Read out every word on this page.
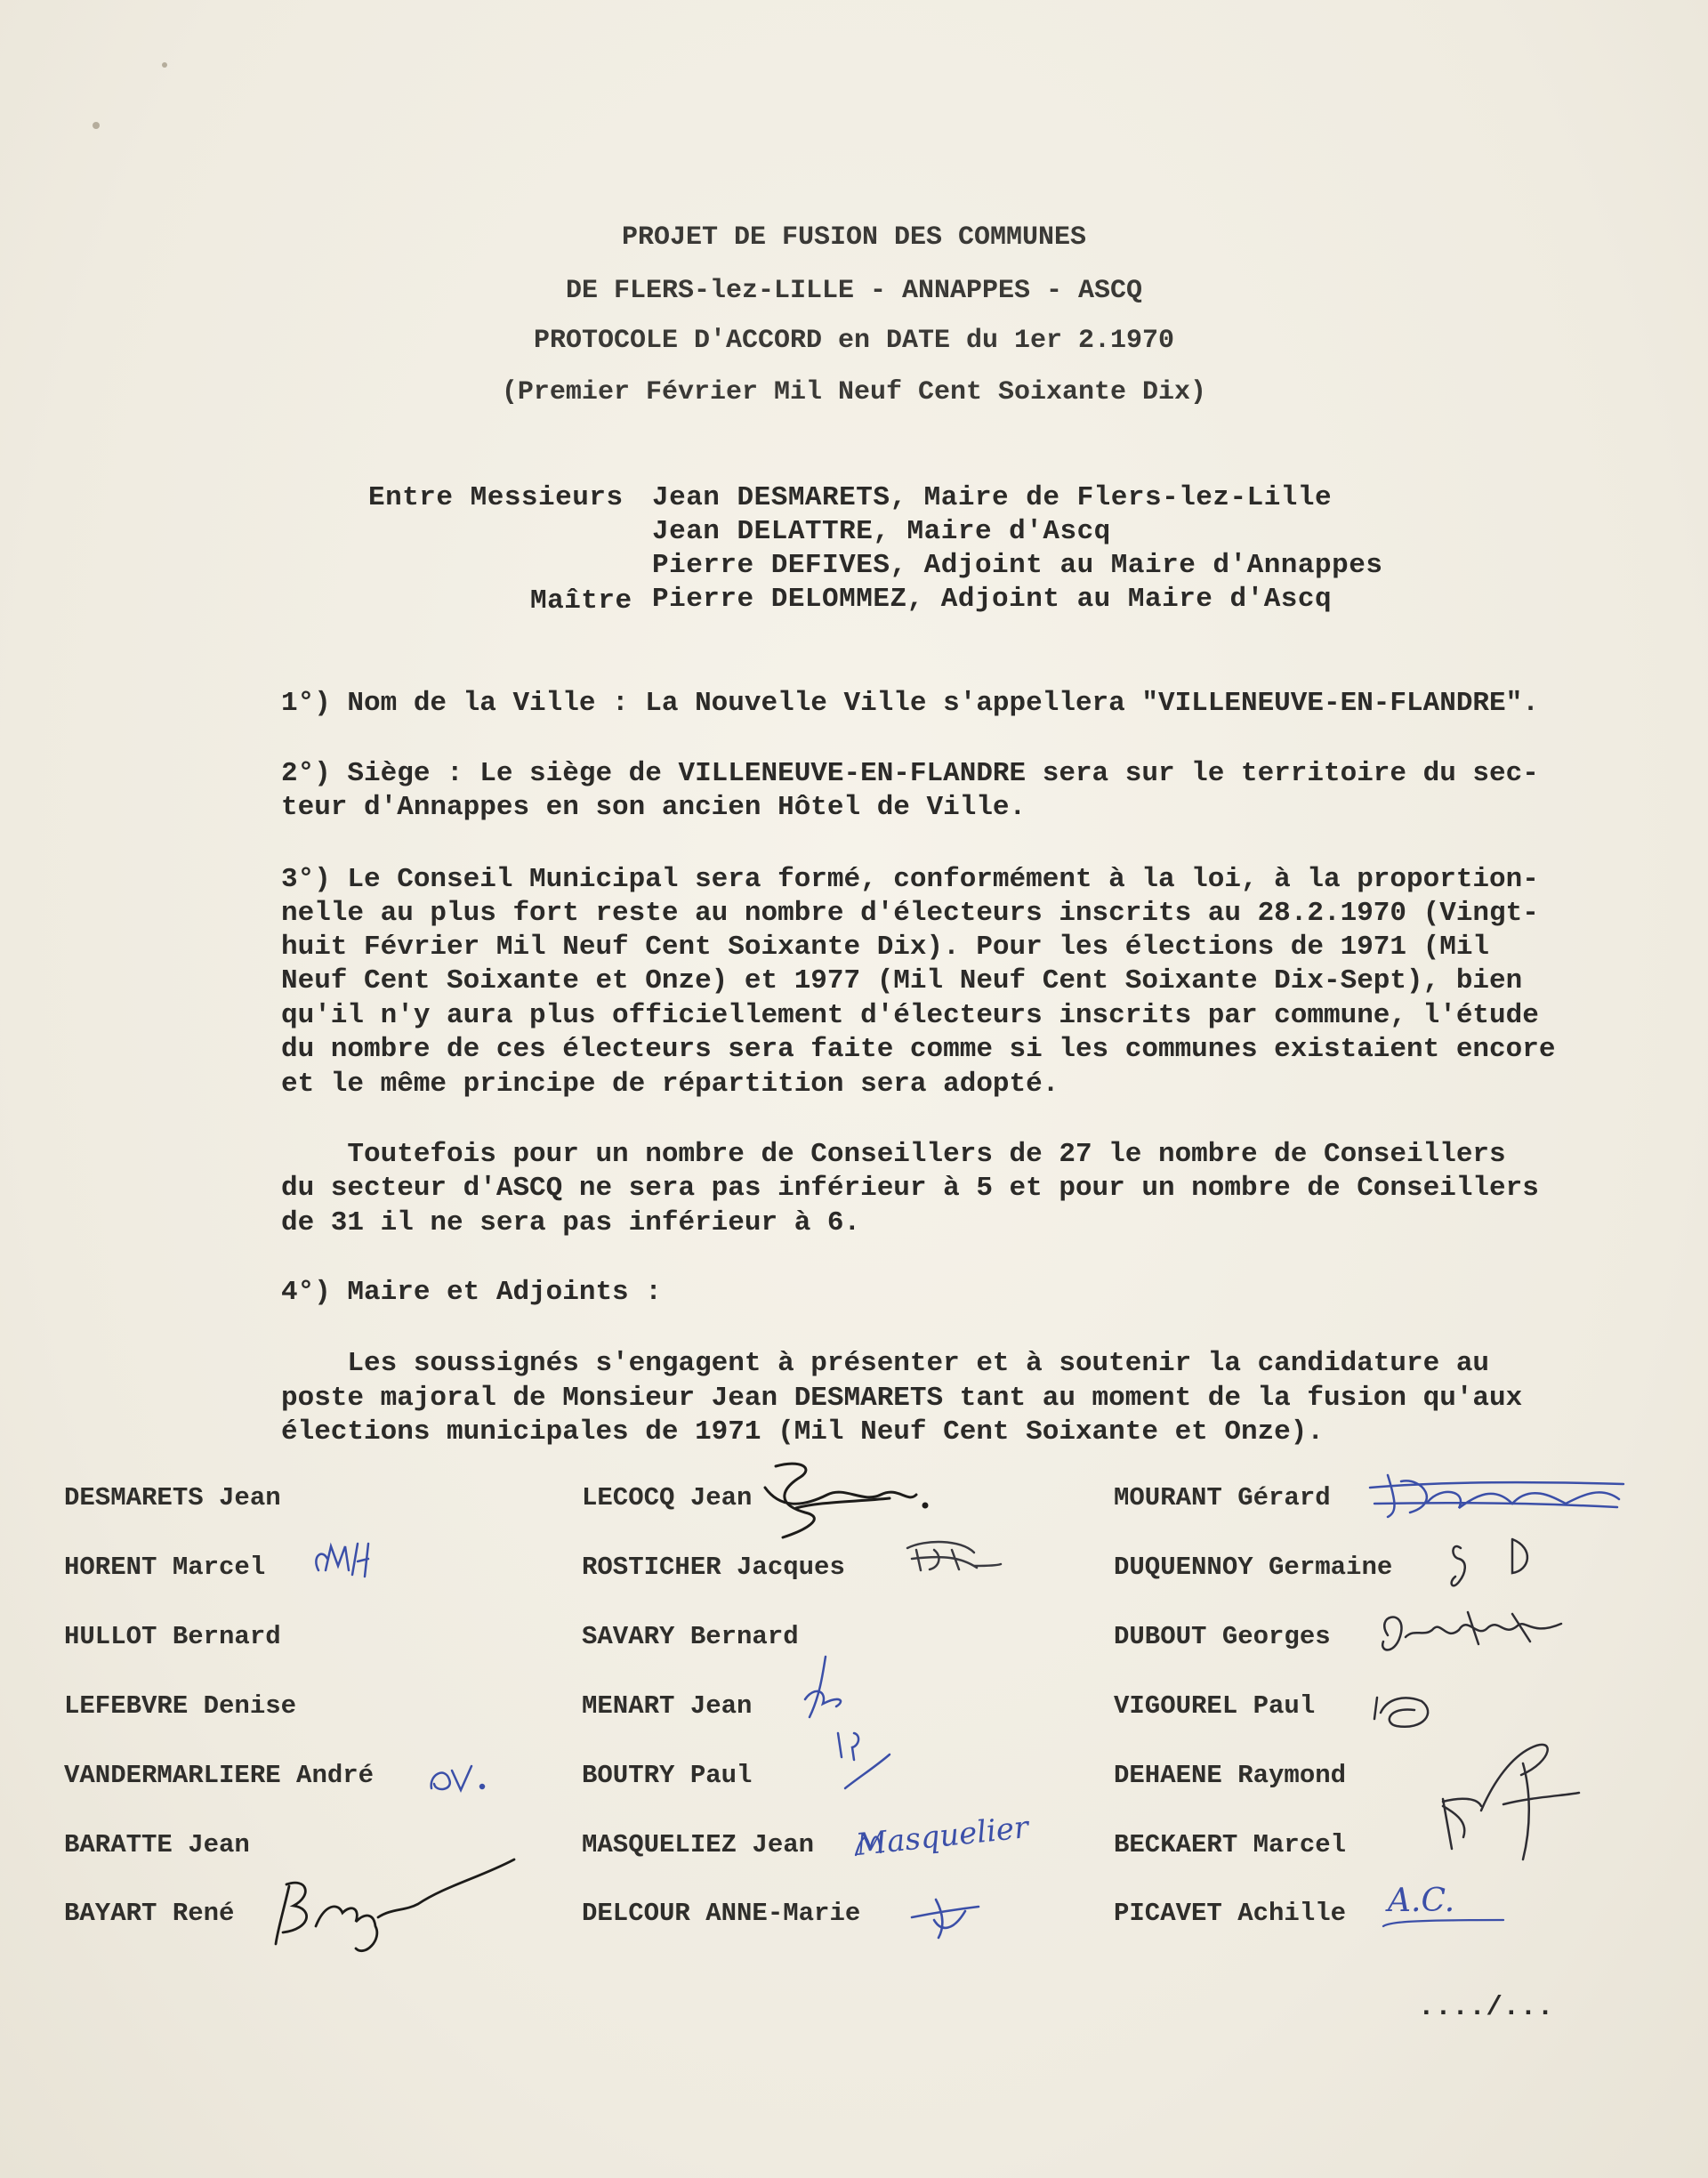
PROJET DE FUSION DES COMMUNES
DE FLERS-lez-LILLE - ANNAPPES - ASCQ
PROTOCOLE D'ACCORD en DATE du 1er 2.1970
(Premier Février Mil Neuf Cent Soixante Dix)
Entre Messieurs Jean DESMARETS, Maire de Flers-lez-Lille
Jean DELATTRE, Maire d'Ascq
Pierre DEFIVES, Adjoint au Maire d'Annappes
Maître Pierre DELOMMEZ, Adjoint au Maire d'Ascq
1°) Nom de la Ville : La Nouvelle Ville s'appellera "VILLENEUVE-EN-FLANDRE".
2°) Siège : Le siège de VILLENEUVE-EN-FLANDRE sera sur le territoire du sec-
teur d'Annappes en son ancien Hôtel de Ville.
3°) Le Conseil Municipal sera formé, conformément à la loi, à la proportion-
nelle au plus fort reste au nombre d'électeurs inscrits au 28.2.1970 (Vingt-
huit Février Mil Neuf Cent Soixante Dix). Pour les élections de 1971 (Mil
Neuf Cent Soixante et Onze) et 1977 (Mil Neuf Cent Soixante Dix-Sept), bien
qu'il n'y aura plus officiellement d'électeurs inscrits par commune, l'étude
du nombre de ces électeurs sera faite comme si les communes existaient encore
et le même principe de répartition sera adopté.
Toutefois pour un nombre de Conseillers de 27 le nombre de Conseillers
du secteur d'ASCQ ne sera pas inférieur à 5 et pour un nombre de Conseillers
de 31 il ne sera pas inférieur à 6.
4°) Maire et Adjoints :
Les soussignés s'engagent à présenter et à soutenir la candidature au
poste majoral de Monsieur Jean DESMARETS tant au moment de la fusion qu'aux
élections municipales de 1971 (Mil Neuf Cent Soixante et Onze).
DESMARETS Jean
HORENT Marcel
HULLOT Bernard
LEFEBVRE Denise
VANDERMARLIERE André
BARATTE Jean
BAYART René
LECOCQ Jean
ROSTICHER Jacques
SAVARY Bernard
MENART Jean
BOUTRY Paul
MASQUELIEZ Jean
DELCOUR ANNE-Marie
MOURANT Gérard
DUQUENNOY Germaine
DUBOUT Georges
VIGOUREL Paul
DEHAENE Raymond
BECKAERT Marcel
PICAVET Achille
Masquelier
A.C.
..../...
